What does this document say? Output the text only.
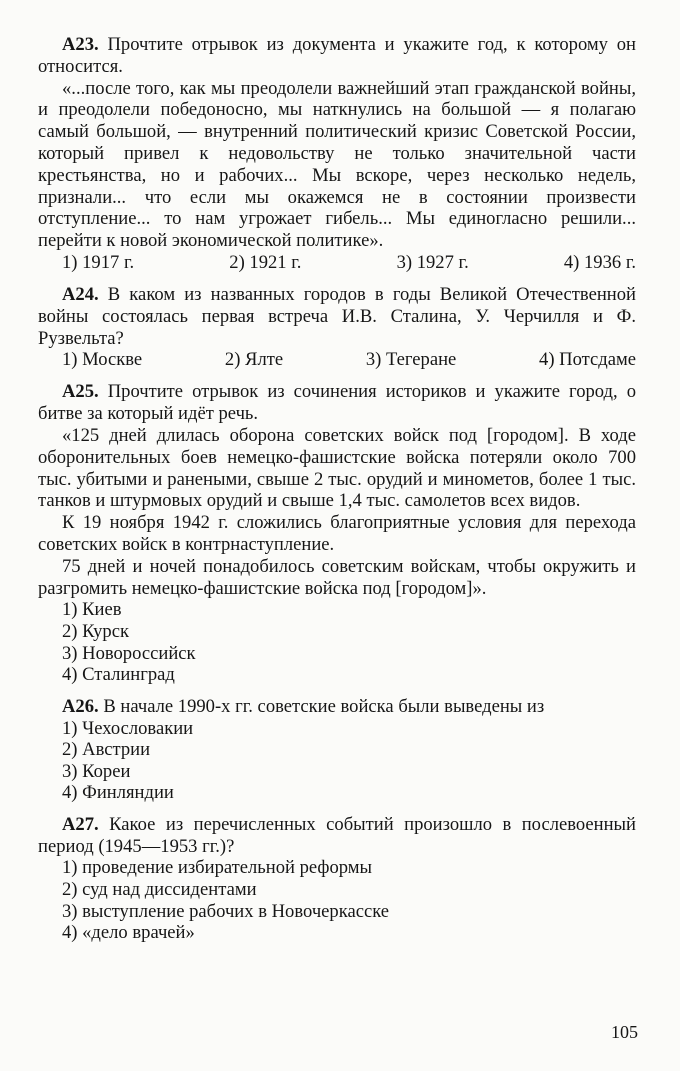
А23. Прочтите отрывок из документа и укажите год, к которому он относится.

«...после того, как мы преодолели важнейший этап гражданской войны, и преодолели победоносно, мы наткнулись на большой — я полагаю самый большой, — внутренний политический кризис Советской России, который привел к недовольству не только значительной части крестьянства, но и рабочих... Мы вскоре, через несколько недель, признали... что если мы окажемся не в состоянии произвести отступление... то нам угрожает гибель... Мы единогласно решили... перейти к новой экономической политике».

1) 1917 г.	2) 1921 г.	3) 1927 г.	4) 1936 г.

А24. В каком из названных городов в годы Великой Отечественной войны состоялась первая встреча И.В. Сталина, У. Черчилля и Ф. Рузвельта?

1) Москве	2) Ялте	3) Тегеране	4) Потсдаме

А25. Прочтите отрывок из сочинения историков и укажите город, о битве за который идёт речь.

«125 дней длилась оборона советских войск под [городом]. В ходе оборонительных боев немецко-фашистские войска потеряли около 700 тыс. убитыми и ранеными, свыше 2 тыс. орудий и минометов, более 1 тыс. танков и штурмовых орудий и свыше 1,4 тыс. самолетов всех видов.

К 19 ноября 1942 г. сложились благоприятные условия для перехода советских войск в контрнаступление.

75 дней и ночей понадобилось советским войскам, чтобы окружить и разгромить немецко-фашистские войска под [городом]».

1) Киев
2) Курск
3) Новороссийск
4) Сталинград

А26. В начале 1990-х гг. советские войска были выведены из

1) Чехословакии
2) Австрии
3) Кореи
4) Финляндии

А27. Какое из перечисленных событий произошло в послевоенный период (1945—1953 гг.)?

1) проведение избирательной реформы
2) суд над диссидентами
3) выступление рабочих в Новочеркасске
4) «дело врачей»
105
